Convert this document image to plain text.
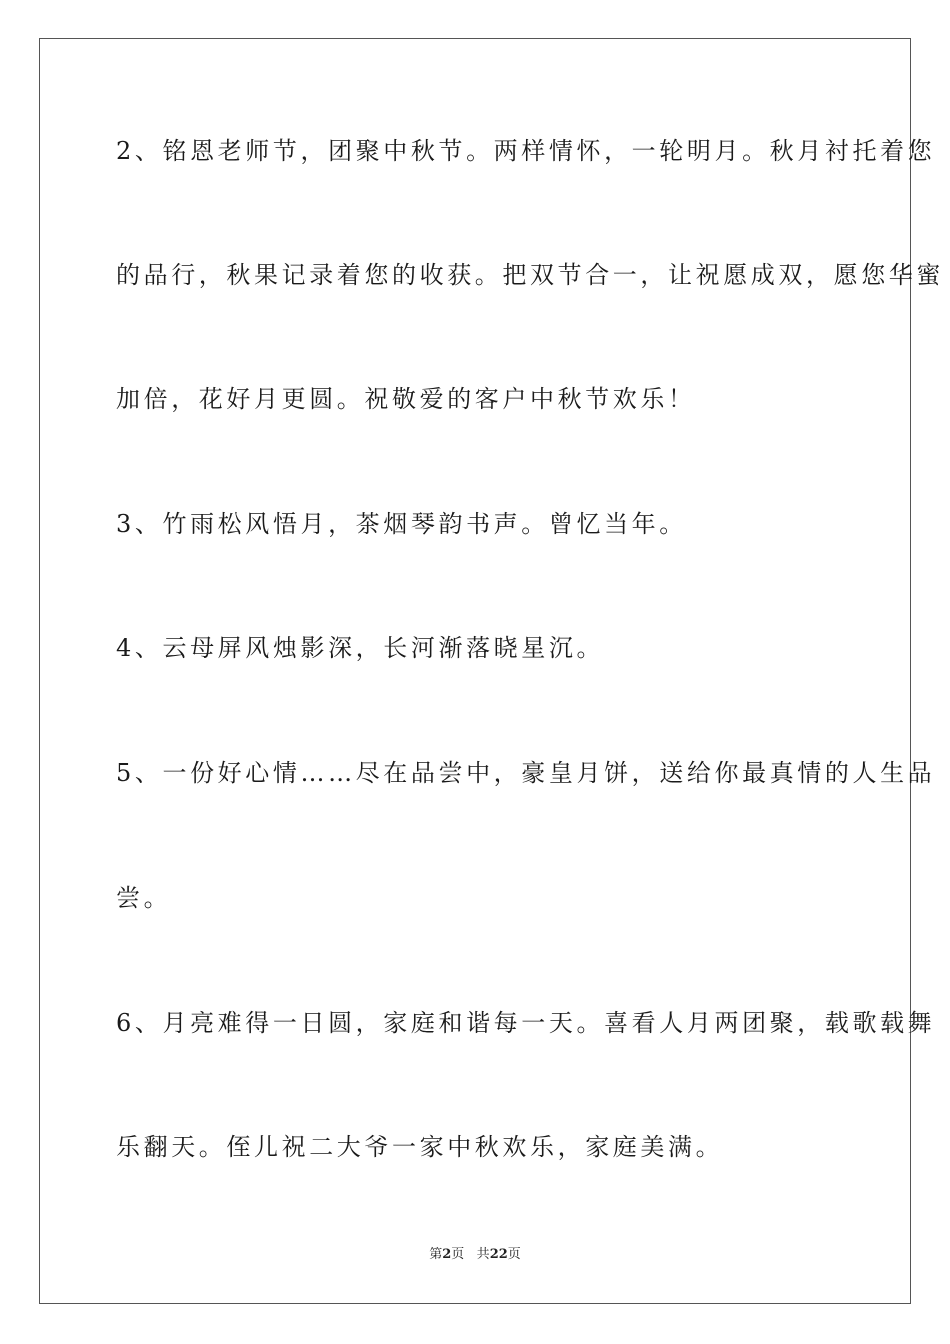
2、铭恩老师节，团聚中秋节。两样情怀，一轮明月。秋月衬托着您
的品行，秋果记录着您的收获。把双节合一，让祝愿成双，愿您华蜜
加倍，花好月更圆。祝敬爱的客户中秋节欢乐！
3、竹雨松风悟月，茶烟琴韵书声。曾忆当年。
4、云母屏风烛影深，长河渐落晓星沉。
5、一份好心情……尽在品尝中，豪皇月饼，送给你最真情的人生品
尝。
6、月亮难得一日圆，家庭和谐每一天。喜看人月两团聚，载歌载舞
乐翻天。侄儿祝二大爷一家中秋欢乐，家庭美满。
第2页 共22页
